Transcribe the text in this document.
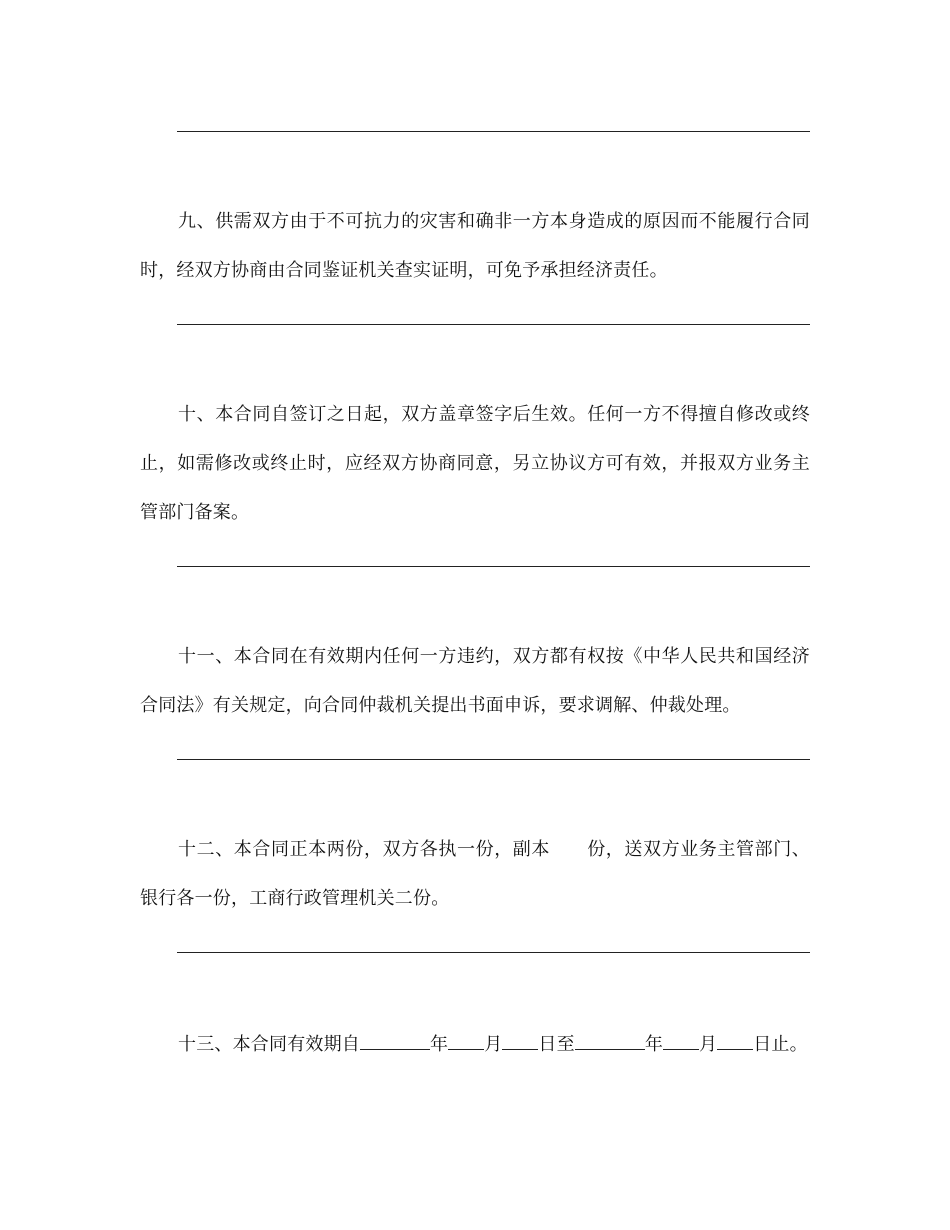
九、供需双方由于不可抗力的灾害和确非一方本身造成的原因而不能履行合同时，经双方协商由合同鉴证机关查实证明，可免予承担经济责任。

十、本合同自签订之日起，双方盖章签字后生效。任何一方不得擅自修改或终止，如需修改或终止时，应经双方协商同意，另立协议方可有效，并报双方业务主 管部门备案。

十一、本合同在有效期内任何一方违约，双方都有权按《中华人民共和国经济 合同法》有关规定，向合同仲裁机关提出书面申诉，要求调解、仲裁处理。

十二、本合同正本两份，双方各执一份，副本　　份，送双方业务主管部门、 银行各一份，工商行政管理机关二份。

十三、本合同有效期自	年 月 日至	年 月 日止。
